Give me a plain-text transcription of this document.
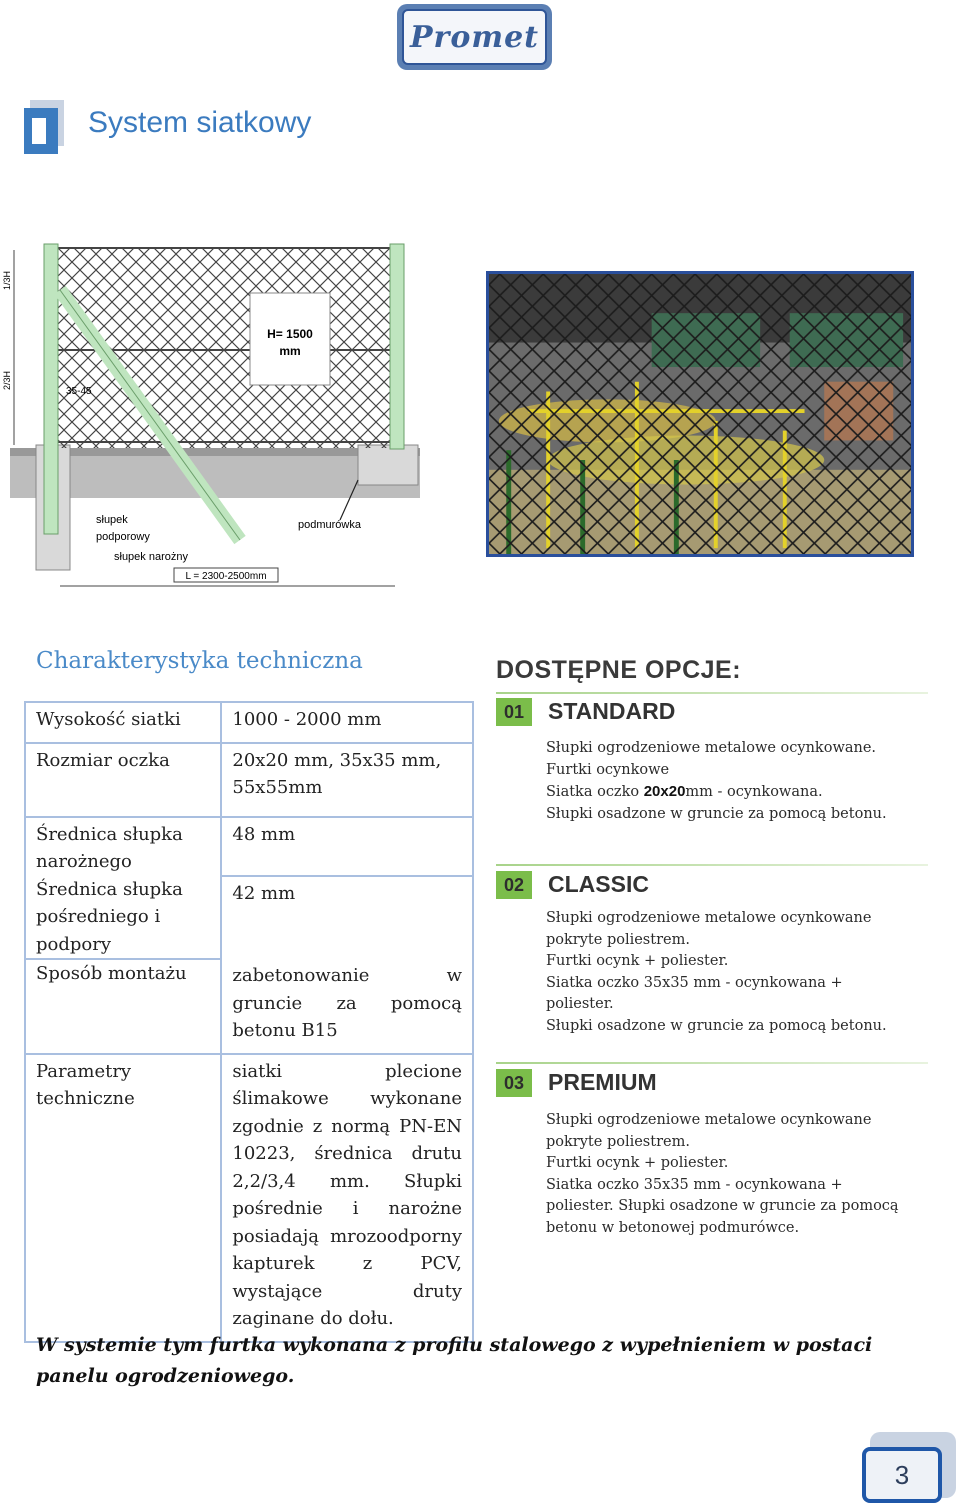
Promet
System siatkowy
H= 1500
mm
1/3H
2/3H
35-45
słupek
podporowy
słupek narożny
podmurówka
L = 2300-2500mm
Charakterystyka techniczna
Wysokość siatki	1000 - 2000 mm
Rozmiar oczka	20x20 mm, 35x35 mm, 55x55mm
Średnica słupka narożnego	48 mm
Średnica słupka pośredniego i podpory	42 mm
Sposób montażu	zabetonowanie w gruncie za pomocą betonu B15
Parametry techniczne	siatki plecione ślimakowe wykonane zgodnie z normą PN-EN 10223, średnica drutu 2,2/3,4 mm. Słupki pośrednie i narożne posiadają mrozoodporny kapturek z PCV, wystające druty zaginane do dołu.
DOSTĘPNE OPCJE:
01	STANDARD

Słupki ogrodzeniowe metalowe ocynkowane.

Furtki ocynkowe

Siatka oczko 20x20mm - ocynkowana.

Słupki osadzone w gruncie za pomocą betonu.

02	CLASSIC

Słupki ogrodzeniowe metalowe ocynkowane

pokryte poliestrem.

Furtki ocynk + poliester.

Siatka oczko 35x35 mm - ocynkowana +

poliester.

Słupki osadzone w gruncie za pomocą betonu.

03	PREMIUM

Słupki ogrodzeniowe metalowe ocynkowane

pokryte poliestrem.

Furtki ocynk + poliester.

Siatka oczko 35x35 mm - ocynkowana +

poliester. Słupki osadzone w gruncie za pomocą

betonu w betonowej podmurówce.

W systemie tym furtka wykonana z profilu stalowego z wypełnieniem w postaci panelu ogrodzeniowego.
3
